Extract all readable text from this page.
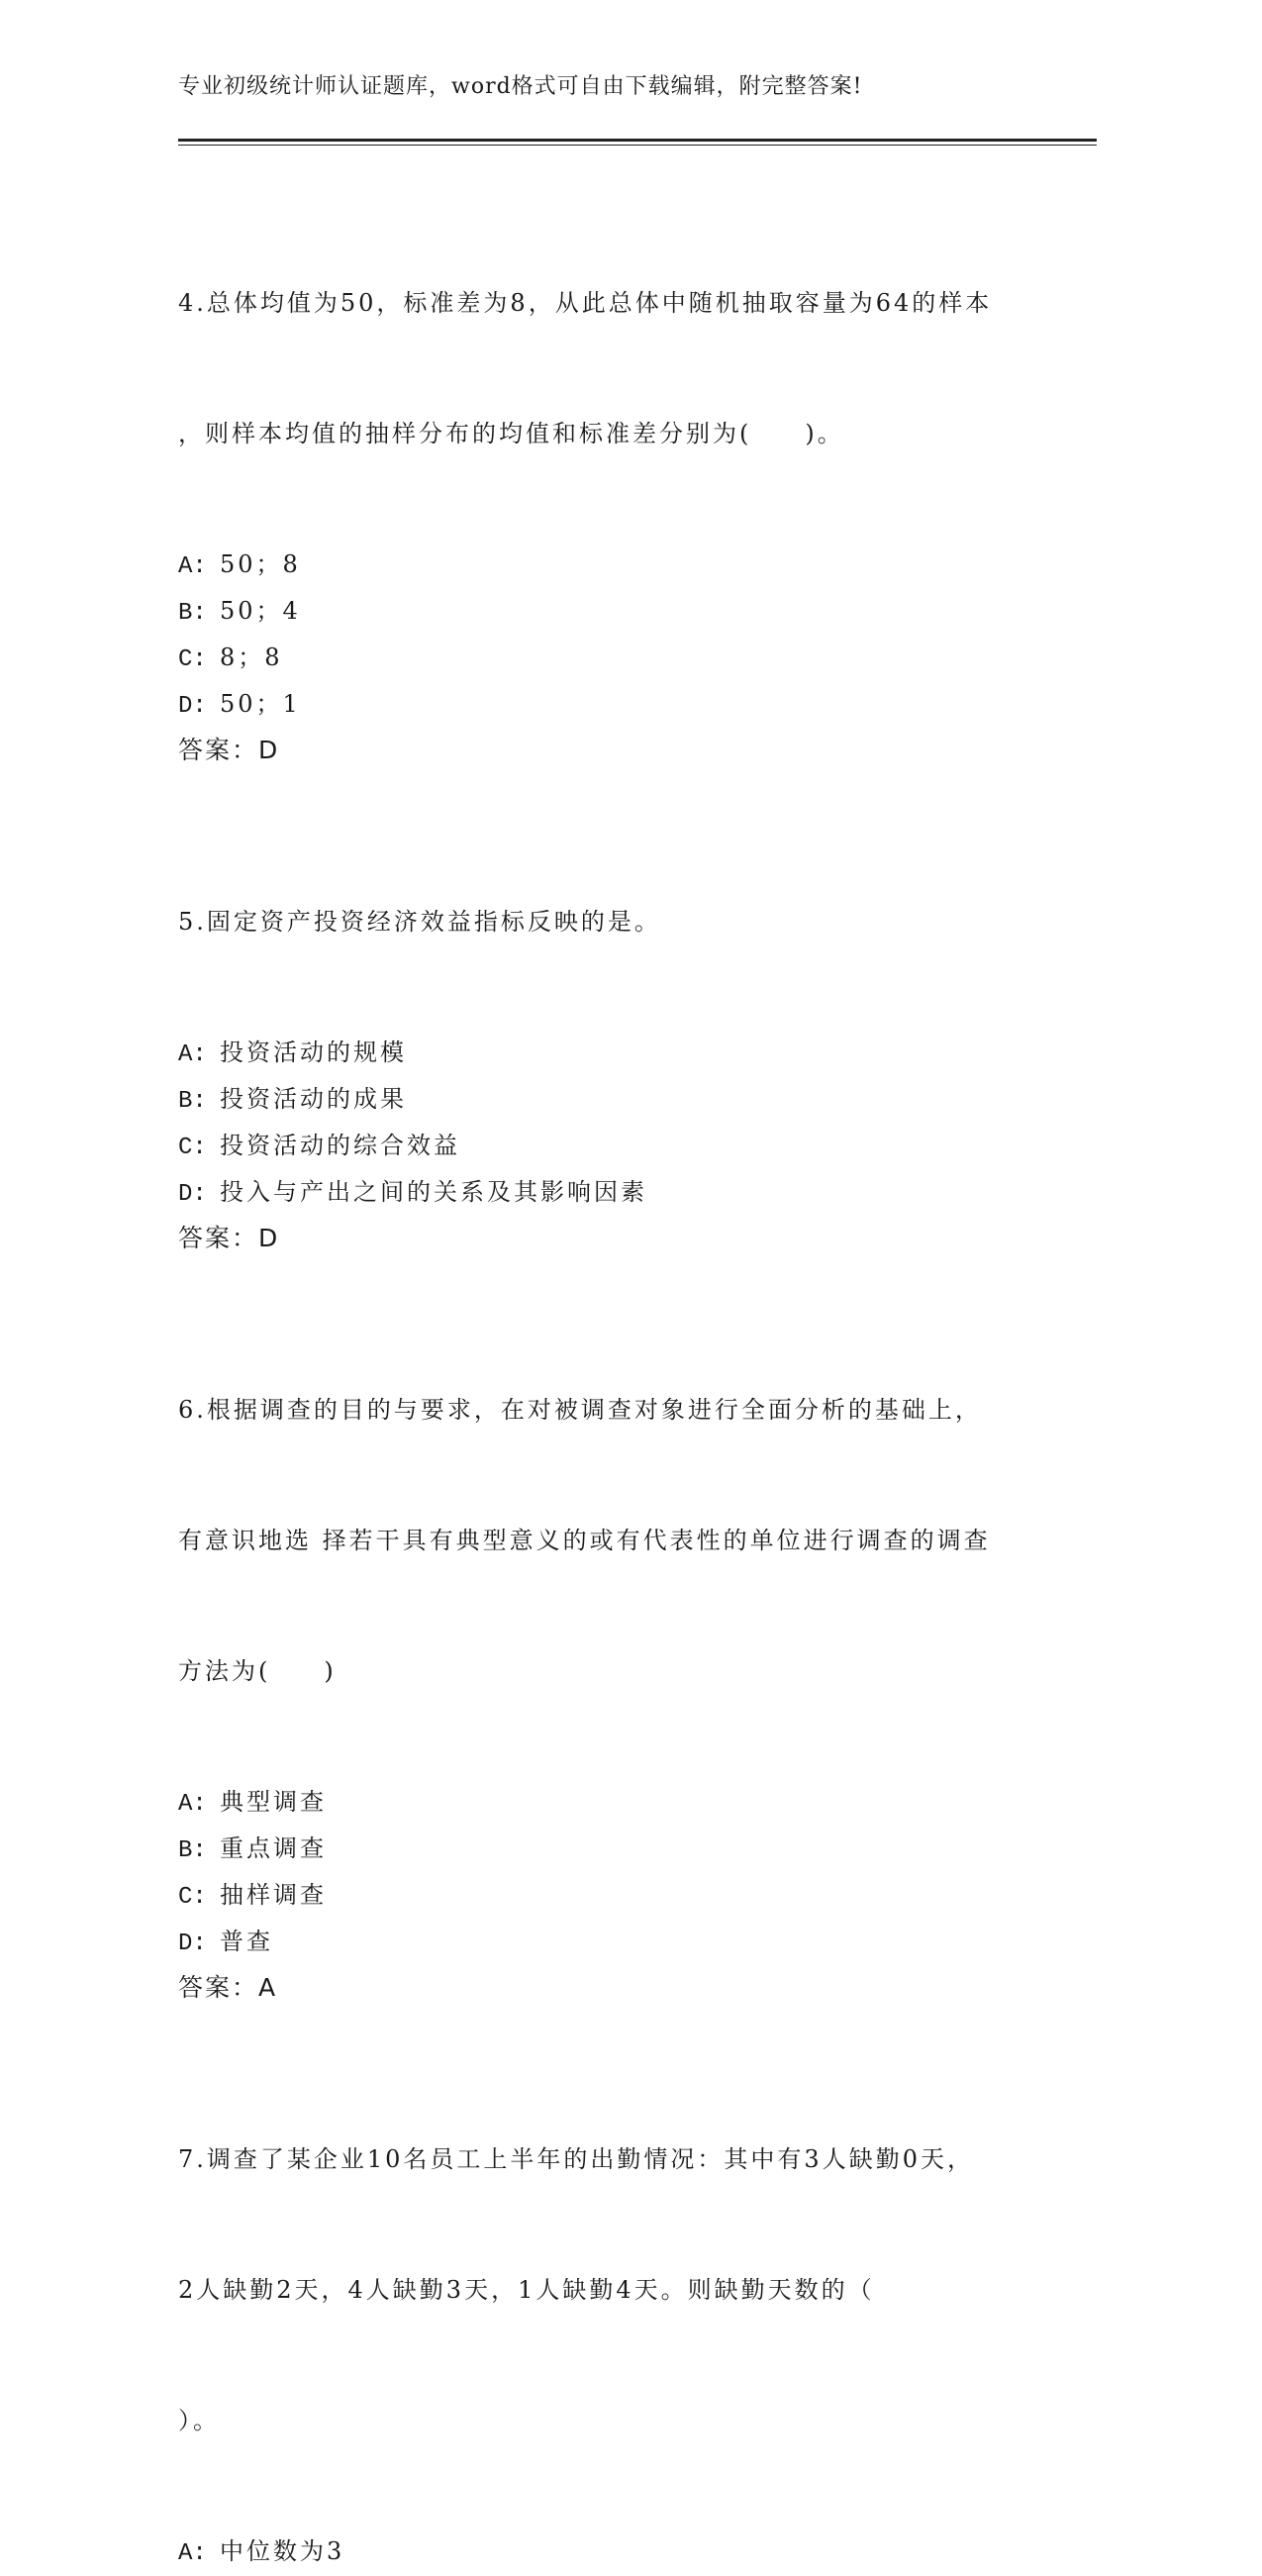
专业初级统计师认证题库，word格式可自由下载编辑，附完整答案!

4.总体均值为50，标准差为8，从此总体中随机抽取容量为64的样本

，则样本均值的抽样分布的均值和标准差分别为(　　)。

A: 50；8
B: 50；4
C: 8；8
D: 50；1
答案：D

5.固定资产投资经济效益指标反映的是。

A: 投资活动的规模
B: 投资活动的成果
C: 投资活动的综合效益
D: 投入与产出之间的关系及其影响因素
答案：D

6.根据调查的目的与要求，在对被调查对象进行全面分析的基础上，

有意识地选 择若干具有典型意义的或有代表性的单位进行调查的调查

方法为(　　)

A: 典型调查
B: 重点调查
C: 抽样调查
D: 普查
答案：A

7.调查了某企业10名员工上半年的出勤情况：其中有3人缺勤0天，

2人缺勤2天，4人缺勤3天，1人缺勤4天。则缺勤天数的（

）。

A: 中位数为3
